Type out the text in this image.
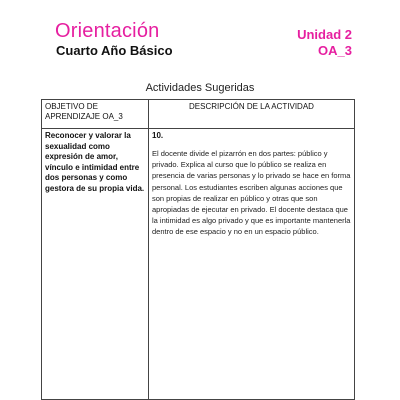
Orientación
Cuarto Año Básico
Unidad 2
OA_3
Actividades Sugeridas
OBJETIVO DE APRENDIZAJE OA_3	DESCRIPCIÓN DE LA ACTIVIDAD
Reconocer y valorar la sexualidad como expresión de amor, vínculo e intimidad entre dos personas y como gestora de su propia vida.	10.
El docente divide el pizarrón en dos partes: público y privado. Explica al curso que lo público se realiza en presencia de varias personas y lo privado se hace en forma personal. Los estudiantes escriben algunas acciones que son propias de realizar en público y otras que son apropiadas de ejecutar en privado. El docente destaca que la intimidad es algo privado y que es importante mantenerla dentro de ese espacio y no en un espacio público.
